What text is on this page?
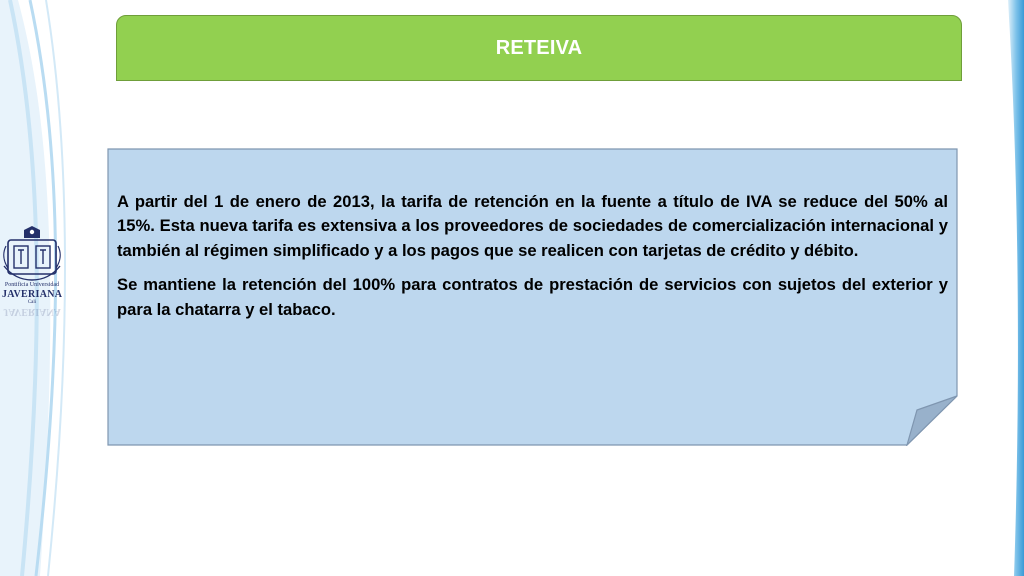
Pontificia Universidad
JAVERIANA
Cali
JAVERIANA
RETEIVA

A partir del 1 de enero de 2013, la tarifa de retención en la fuente a título de IVA se reduce del 50% al 15%. Esta nueva tarifa es extensiva a los proveedores de sociedades de comercialización internacional y también al régimen simplificado y a los pagos que se realicen con tarjetas de crédito y débito.

Se mantiene la retención del 100% para contratos de prestación de servicios con sujetos del exterior y para la chatarra y el tabaco.
